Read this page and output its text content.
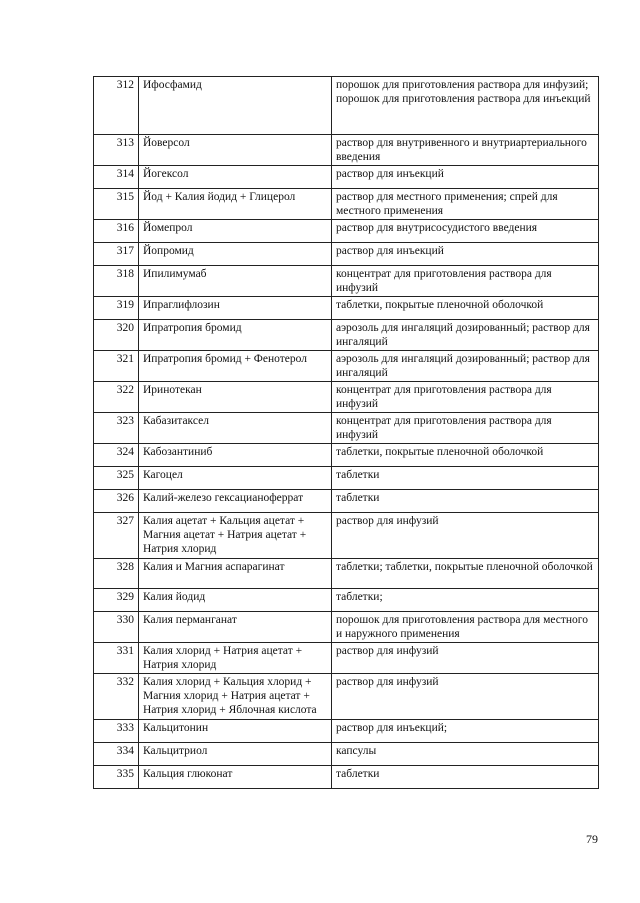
312	Ифосфамид	порошок для приготовления раствора для инфузий;
порошок для приготовления раствора для инъекций
313	Йоверсол	раствор для внутривенного и внутриартериального введения
314	Йогексол	раствор для инъекций
315	Йод + Калия йодид + Глицерол	раствор для местного применения; спрей для местного применения
316	Йомепрол	раствор для внутрисосудистого введения
317	Йопромид	раствор для инъекций
318	Ипилимумаб	концентрат для приготовления раствора для инфузий
319	Ипраглифлозин	таблетки, покрытые пленочной оболочкой
320	Ипратропия бромид	аэрозоль для ингаляций дозированный; раствор для ингаляций
321	Ипратропия бромид + Фенотерол	аэрозоль для ингаляций дозированный; раствор для ингаляций
322	Иринотекан	концентрат для приготовления раствора для инфузий
323	Кабазитаксел	концентрат для приготовления раствора для инфузий
324	Кабозантиниб	таблетки, покрытые пленочной оболочкой
325	Кагоцел	таблетки
326	Калий-железо гексацианоферрат	таблетки
327	Калия ацетат + Кальция ацетат + Магния ацетат + Натрия ацетат + Натрия хлорид	раствор для инфузий
328	Калия и Магния аспарагинат	таблетки; таблетки, покрытые пленочной оболочкой
329	Калия йодид	таблетки;
330	Калия перманганат	порошок для приготовления раствора для местного и наружного применения
331	Калия хлорид + Натрия ацетат + Натрия хлорид	раствор для инфузий
332	Калия хлорид + Кальция хлорид + Магния хлорид + Натрия ацетат + Натрия хлорид + Яблочная кислота	раствор для инфузий
333	Кальцитонин	раствор для инъекций;
334	Кальцитриол	капсулы
335	Кальция глюконат	таблетки
79
